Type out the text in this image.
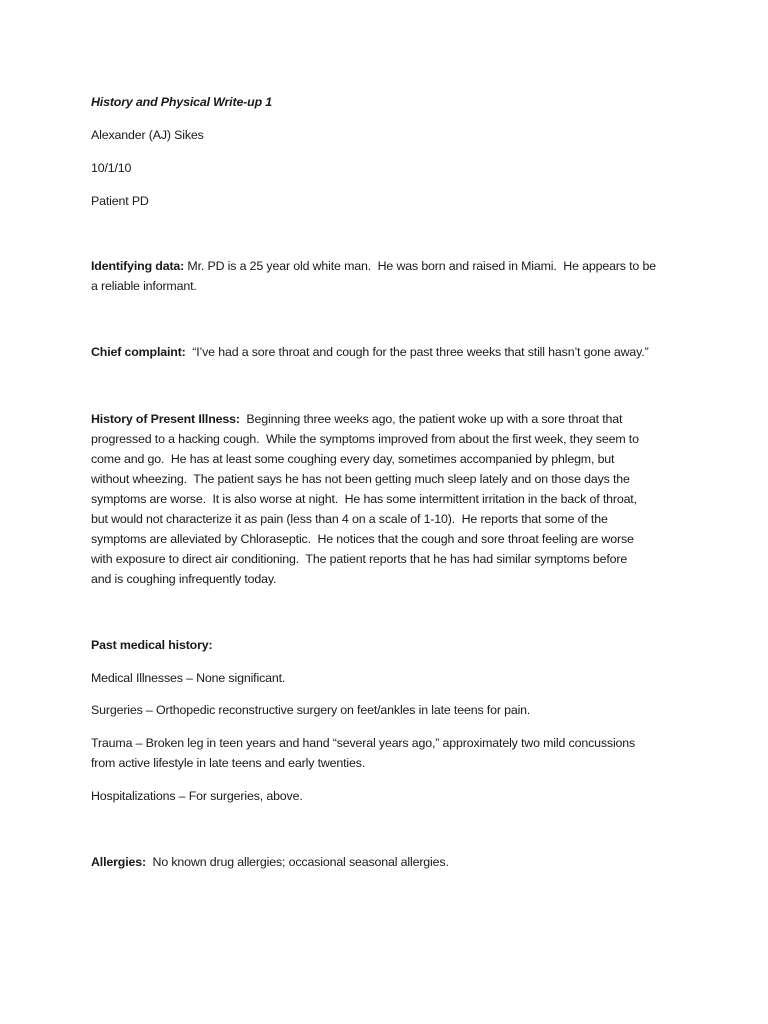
History and Physical Write-up 1
Alexander (AJ) Sikes
10/1/10
Patient PD
Identifying data: Mr. PD is a 25 year old white man.  He was born and raised in Miami.  He appears to be
a reliable informant.
Chief complaint:  “I’ve had a sore throat and cough for the past three weeks that still hasn’t gone away.”
History of Present Illness:  Beginning three weeks ago, the patient woke up with a sore throat that
progressed to a hacking cough.  While the symptoms improved from about the first week, they seem to
come and go.  He has at least some coughing every day, sometimes accompanied by phlegm, but
without wheezing.  The patient says he has not been getting much sleep lately and on those days the
symptoms are worse.  It is also worse at night.  He has some intermittent irritation in the back of throat,
but would not characterize it as pain (less than 4 on a scale of 1-10).  He reports that some of the
symptoms are alleviated by Chloraseptic.  He notices that the cough and sore throat feeling are worse
with exposure to direct air conditioning.  The patient reports that he has had similar symptoms before
and is coughing infrequently today.
Past medical history:
Medical Illnesses – None significant.
Surgeries – Orthopedic reconstructive surgery on feet/ankles in late teens for pain.
Trauma – Broken leg in teen years and hand “several years ago,” approximately two mild concussions
from active lifestyle in late teens and early twenties.
Hospitalizations – For surgeries, above.
Allergies:  No known drug allergies; occasional seasonal allergies.
